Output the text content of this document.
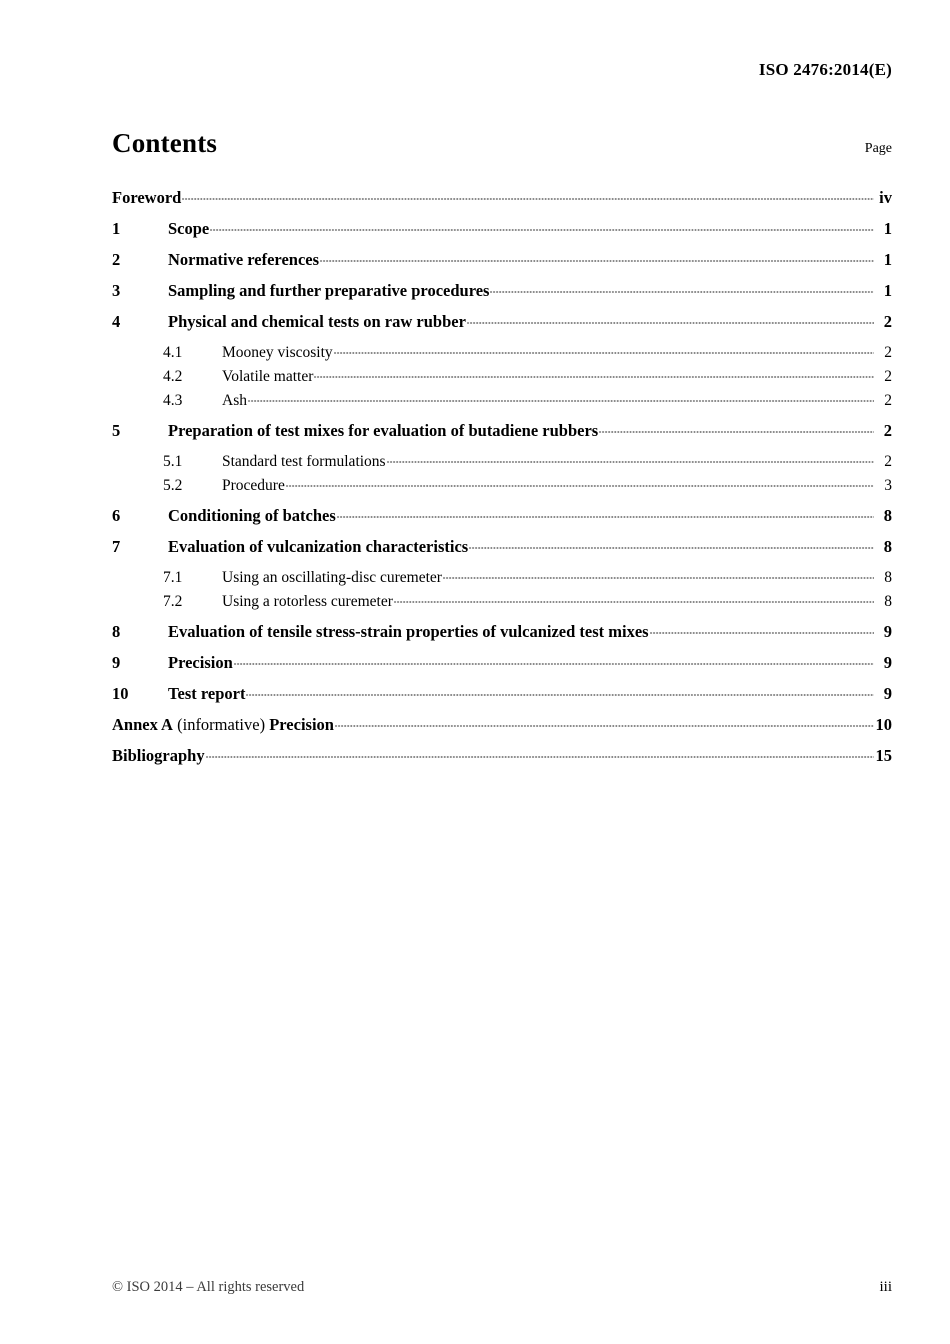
ISO 2476:2014(E)
Contents	Page
Foreword	iv
1	Scope	1
2	Normative references	1
3	Sampling and further preparative procedures	1
4	Physical and chemical tests on raw rubber	2
4.1	Mooney viscosity	2
4.2	Volatile matter	2
4.3	Ash	2
5	Preparation of test mixes for evaluation of butadiene rubbers	2
5.1	Standard test formulations	2
5.2	Procedure	3
6	Conditioning of batches	8
7	Evaluation of vulcanization characteristics	8
7.1	Using an oscillating-disc curemeter	8
7.2	Using a rotorless curemeter	8
8	Evaluation of tensile stress-strain properties of vulcanized test mixes	9
9	Precision	9
10	Test report	9
Annex A (informative) Precision	10
Bibliography	15
© ISO 2014 – All rights reserved	iii
